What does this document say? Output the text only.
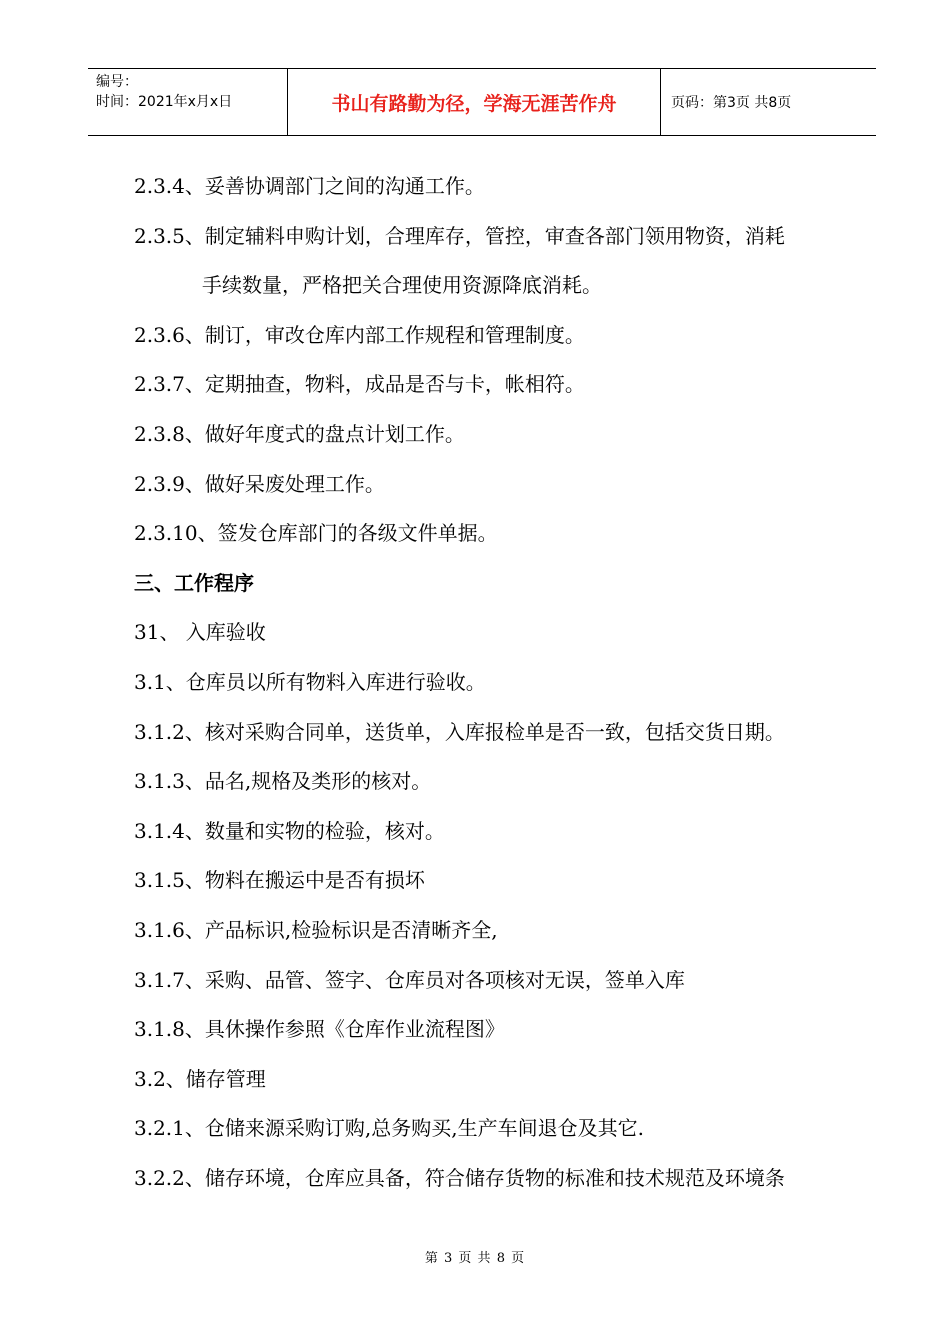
编号：
时间：2021年x月x日	书山有路勤为径，学海无涯苦作舟	页码：第3页 共8页
2.3.4、妥善协调部门之间的沟通工作。
2.3.5、制定辅料申购计划，合理库存，管控，审查各部门领用物资，消耗
手续数量，严格把关合理使用资源降底消耗。
2.3.6、制订，审改仓库内部工作规程和管理制度。
2.3.7、定期抽查，物料，成品是否与卡，帐相符。
2.3.8、做好年度式的盘点计划工作。
2.3.9、做好呆废处理工作。
2.3.10、签发仓库部门的各级文件单据。
三、工作程序
31、 入库验收
3.1、仓库员以所有物料入库进行验收。
3.1.2、核对采购合同单，送货单，入库报检单是否一致，包括交货日期。
3.1.3、品名,规格及类形的核对。
3.1.4、数量和实物的检验，核对。
3.1.5、物料在搬运中是否有损坏
3.1.6、产品标识,检验标识是否清晰齐全,
3.1.7、采购、品管、签字、仓库员对各项核对无误，签单入库
3.1.8、具休操作参照《仓库作业流程图》
3.2、储存管理
3.2.1、仓储来源采购订购,总务购买,生产车间退仓及其它.
3.2.2、储存环境，仓库应具备，符合储存货物的标准和技术规范及环境条
第 3 页 共 8 页
